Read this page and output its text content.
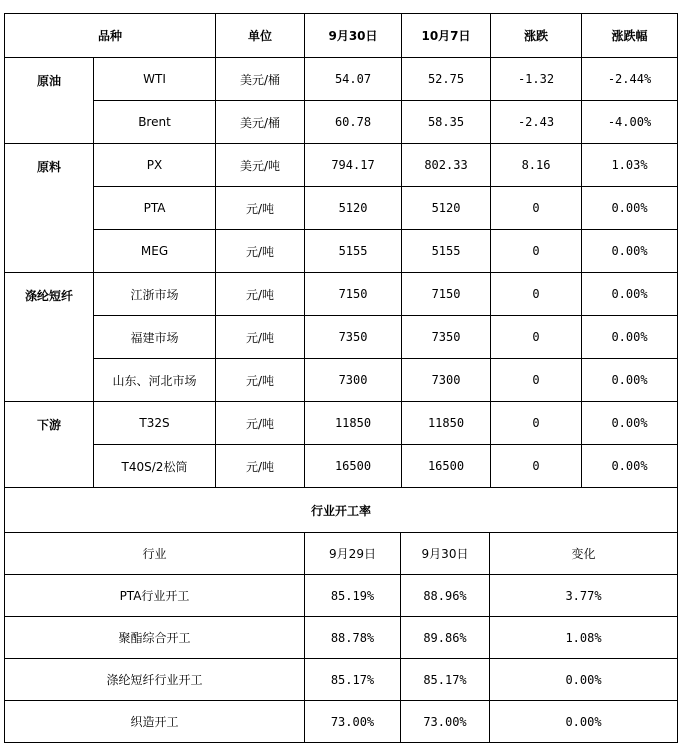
品种		单位	9月30日	10月7日	涨跌	涨跌幅
原油	WTI	美元/桶	54.07	52.75	-1.32	-2.44%
	Brent	美元/桶	60.78	58.35	-2.43	-4.00%
原料	PX	美元/吨	794.17	802.33	8.16	1.03%
	PTA	元/吨	5120	5120	0	0.00%
	MEG	元/吨	5155	5155	0	0.00%
涤纶短纤	江浙市场	元/吨	7150	7150	0	0.00%
	福建市场	元/吨	7350	7350	0	0.00%
	山东、河北市场	元/吨	7300	7300	0	0.00%
下游	T32S	元/吨	11850	11850	0	0.00%
	T40S/2松筒	元/吨	16500	16500	0	0.00%
行业开工率			
行业	9月29日	9月30日	变化
PTA行业开工	85.19%	88.96%	3.77%
聚酯综合开工	88.78%	89.86%	1.08%
涤纶短纤行业开工	85.17%	85.17%	0.00%
织造开工	73.00%	73.00%	0.00%
